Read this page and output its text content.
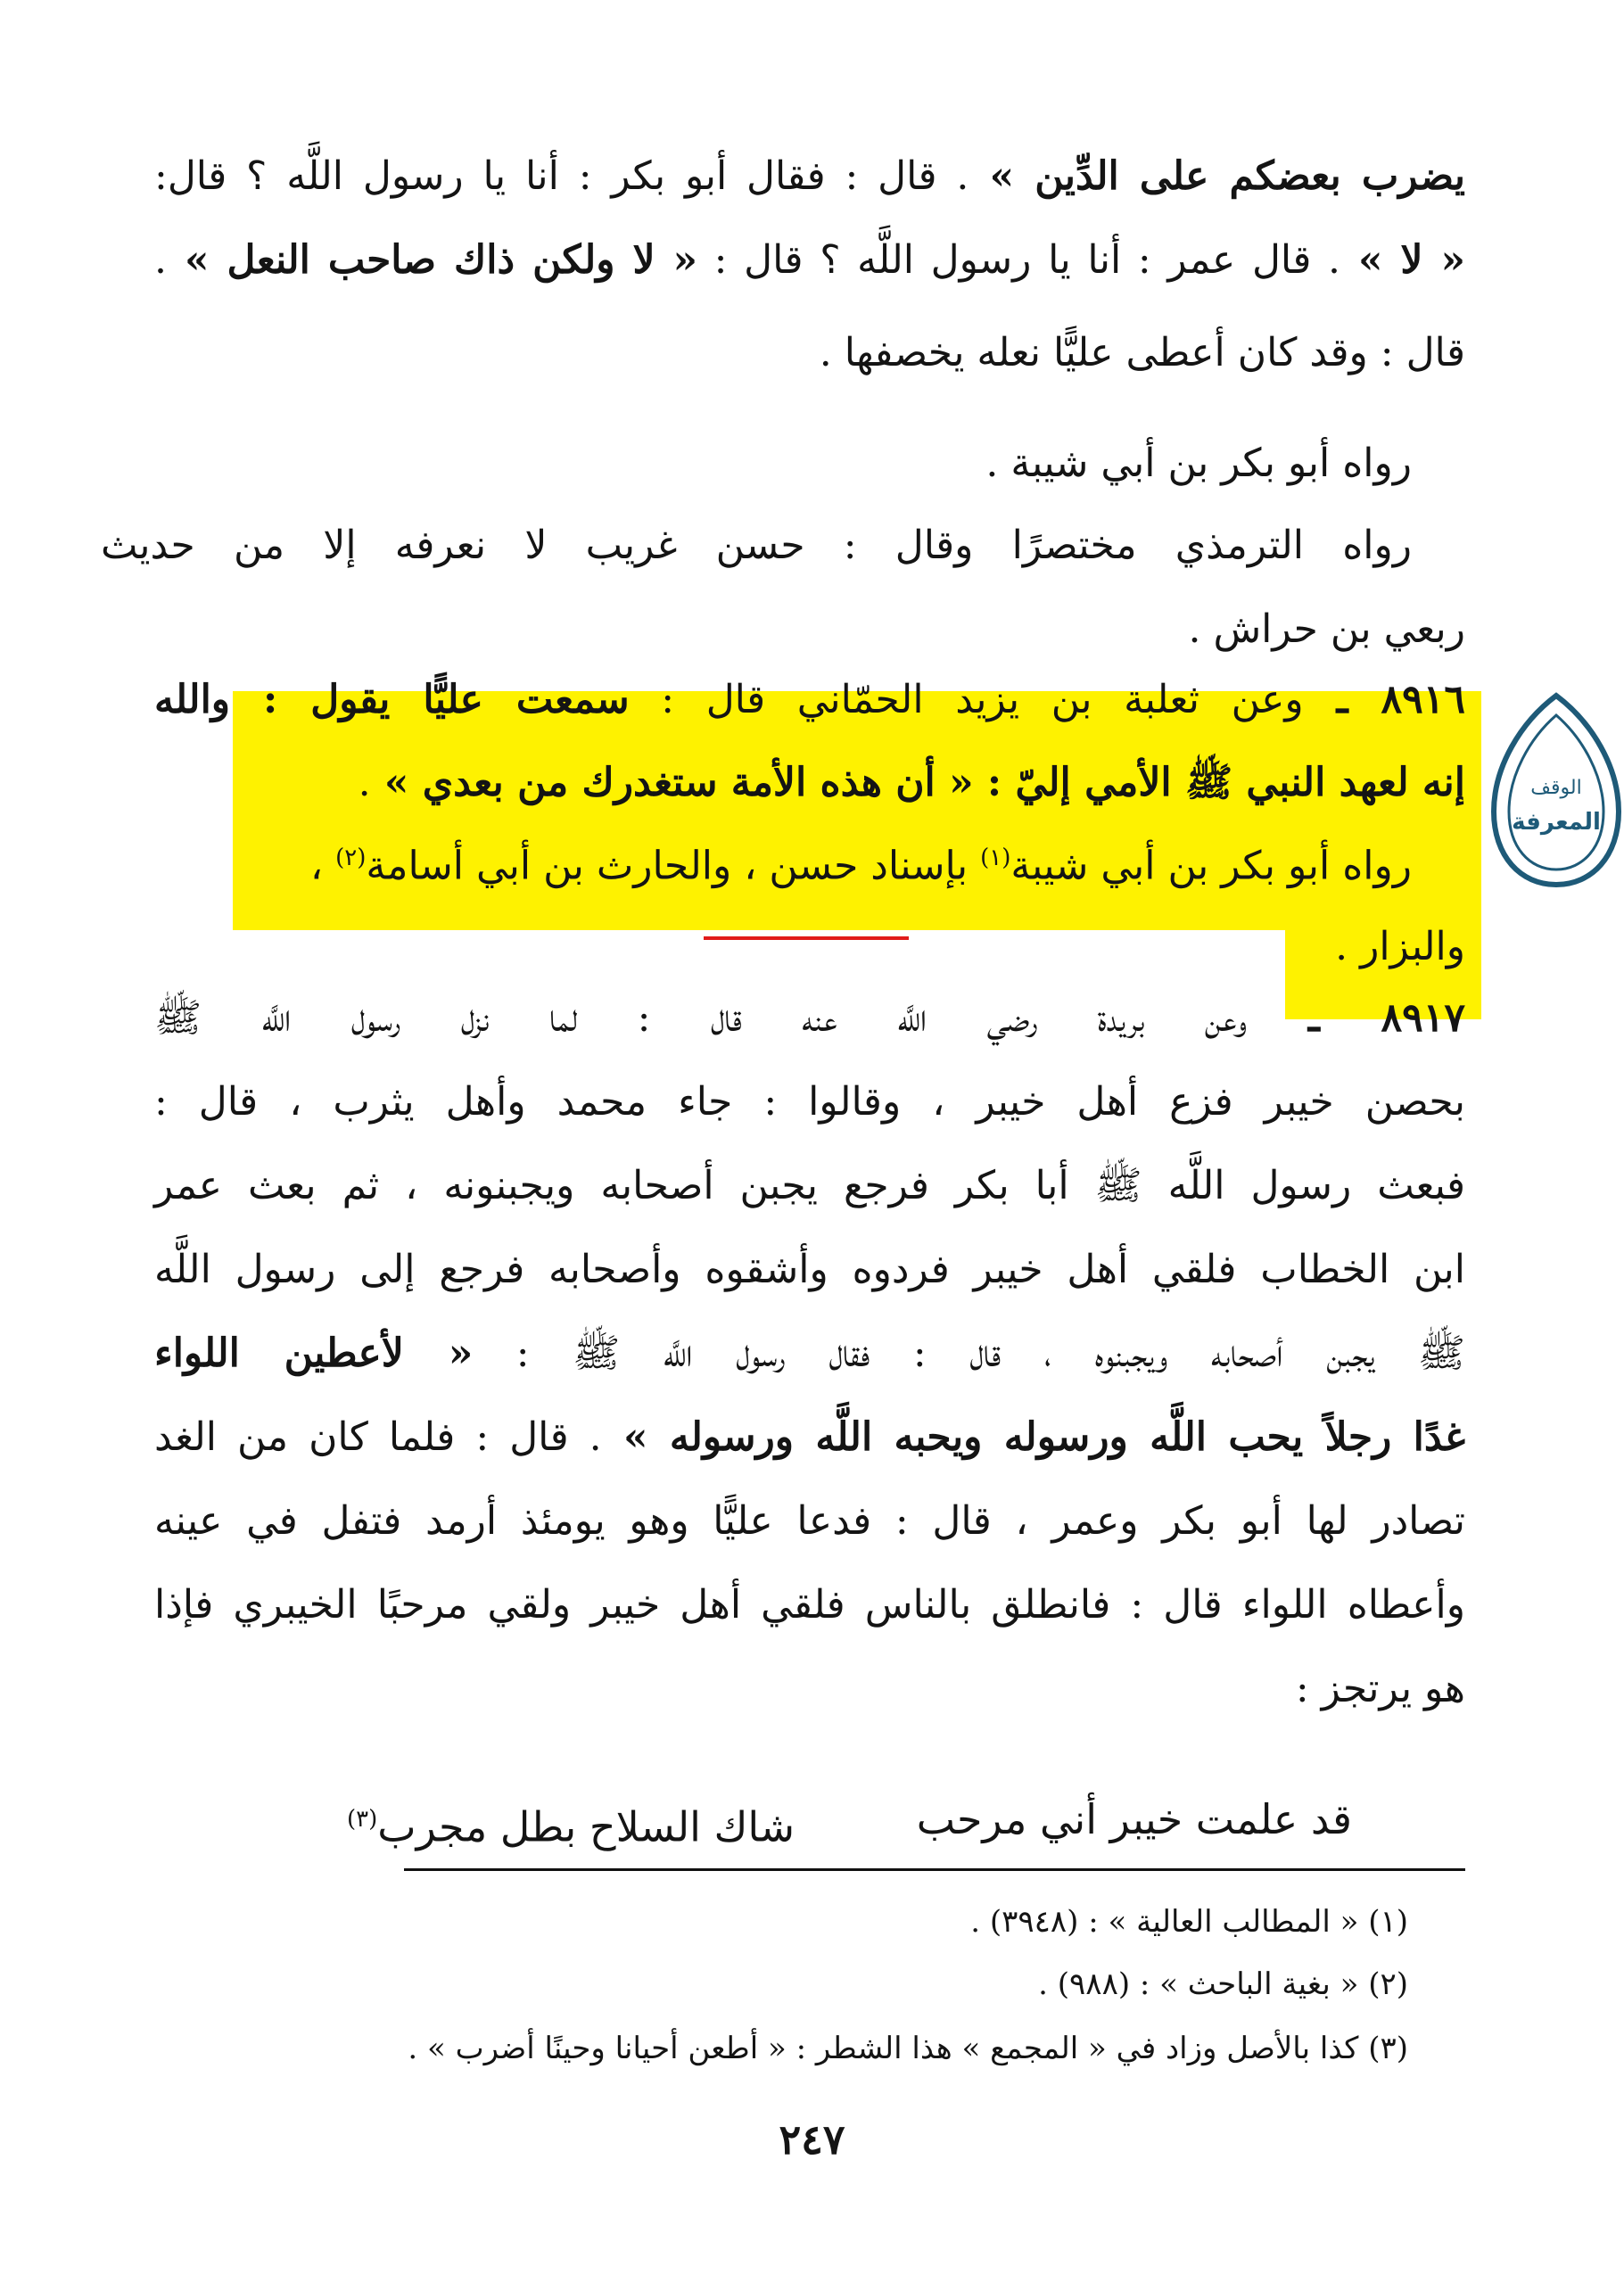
يضرب بعضكم على الدِّين » . قال : فقال أبو بكر : أنا يا رسول اللَّه ؟ قال:
« لا » . قال عمر : أنا يا رسول اللَّه ؟ قال : « لا ولكن ذاك صاحب النعل » .
قال : وقد كان أعطى عليًّا نعله يخصفها .
رواه أبو بكر بن أبي شيبة .
رواه الترمذي مختصرًا وقال : حسن غريب لا نعرفه إلا من حديث
ربعي بن حراش .
٨٩١٦ ـ وعن ثعلبة بن يزيد الحمّاني قال : سمعت عليًّا يقول : والله
إنه لعهد النبي ﷺ الأمي إليّ : « أن هذه الأمة ستغدرك من بعدي » .
رواه أبو بكر بن أبي شيبة$^{(١)}$ بإسناد حسن ، والحارث بن أبي أسامة$^{(٢)}$ ،
والبزار .
٨٩١٧ ـ وعن بريدة رضي اللَّه عنه قال : لما نزل رسول اللَّه ﷺ
بحصن خيبر فزع أهل خيبر ، وقالوا : جاء محمد وأهل يثرب ، قال :
فبعث رسول اللَّه ﷺ أبا بكر فرجع يجبن أصحابه ويجبنونه ، ثم بعث عمر
ابن الخطاب فلقي أهل خيبر فردوه وأشقوه وأصحابه فرجع إلى رسول اللَّه
ﷺ يجبن أصحابه ويجبنوه ، قال : فقال رسول اللَّه ﷺ : « لأعطين اللواء
غدًا رجلاً يحب اللَّه ورسوله ويحبه اللَّه ورسوله » . قال : فلما كان من الغد
تصادر لها أبو بكر وعمر ، قال : فدعا عليًّا وهو يومئذ أرمد فتفل في عينه
وأعطاه اللواء قال : فانطلق بالناس فلقي أهل خيبر ولقي مرحبًا الخيبري فإذا
هو يرتجز :
قد علمت خيبر أني مرحب
شاك السلاح بطل مجرب$^{(٣)}$
(١) « المطالب العالية » : (٣٩٤٨) .
(٢) « بغية الباحث » : (٩٨٨) .
(٣) كذا بالأصل وزاد في « المجمع » هذا الشطر : « أطعن أحيانا وحينًا أضرب » .
٢٤٧
الوقف
المعرفة
